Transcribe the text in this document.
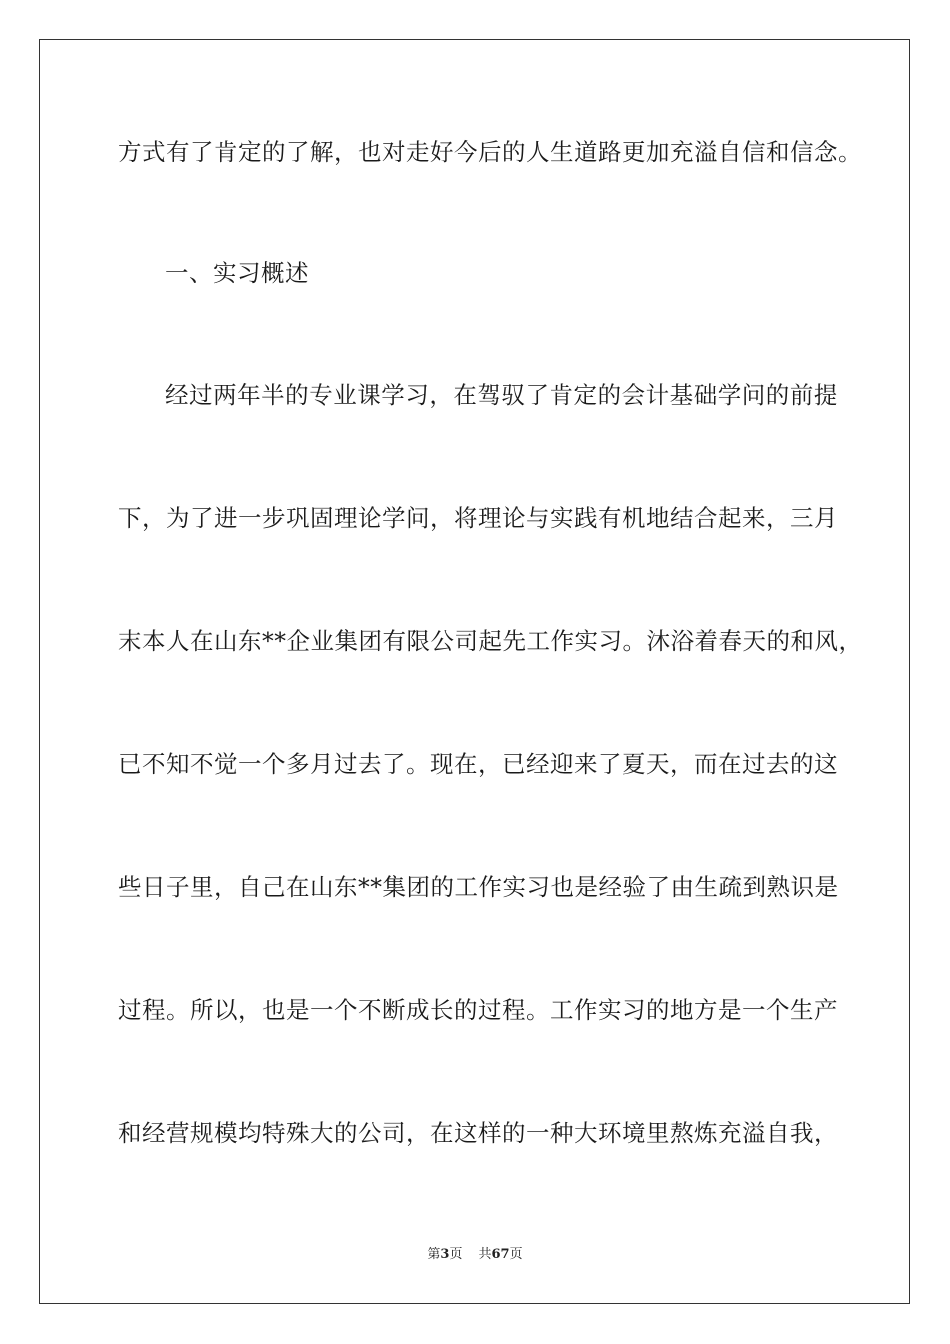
方式有了肯定的了解，也对走好今后的人生道路更加充溢自信和信念。
一、实习概述
经 过 两 年 半 的 专 业 课 学 习 ， 在 驾 驭 了 肯 定 的 会 计 基 础 学 问 的 前 提
下 ， 为 了 进 一 步 巩 固 理 论 学 问 ， 将 理 论 与 实 践 有 机 地 结 合 起 来 ， 三 月
末 本 人 在 山 东 ** 企 业 集 团 有 限 公 司 起 先 工 作 实 习 。 沐 浴 着 春 天 的 和 风 ，
已 不 知 不 觉 一 个 多 月 过 去 了 。 现 在 ， 已 经 迎 来 了 夏 天 ， 而 在 过 去 的 这
些 日 子 里 ， 自 己 在 山 东 ** 集 团 的 工 作 实 习 也 是 经 验 了 由 生 疏 到 熟 识 是
过 程 。 所 以 ， 也 是 一 个 不 断 成 长 的 过 程 。 工 作 实 习 的 地 方 是 一 个 生 产
和 经 营 规 模 均 特 殊 大 的 公 司 ， 在 这 样 的 一 种 大 环 境 里 熬 炼 充 溢 自 我 ，
第3页 共67页
